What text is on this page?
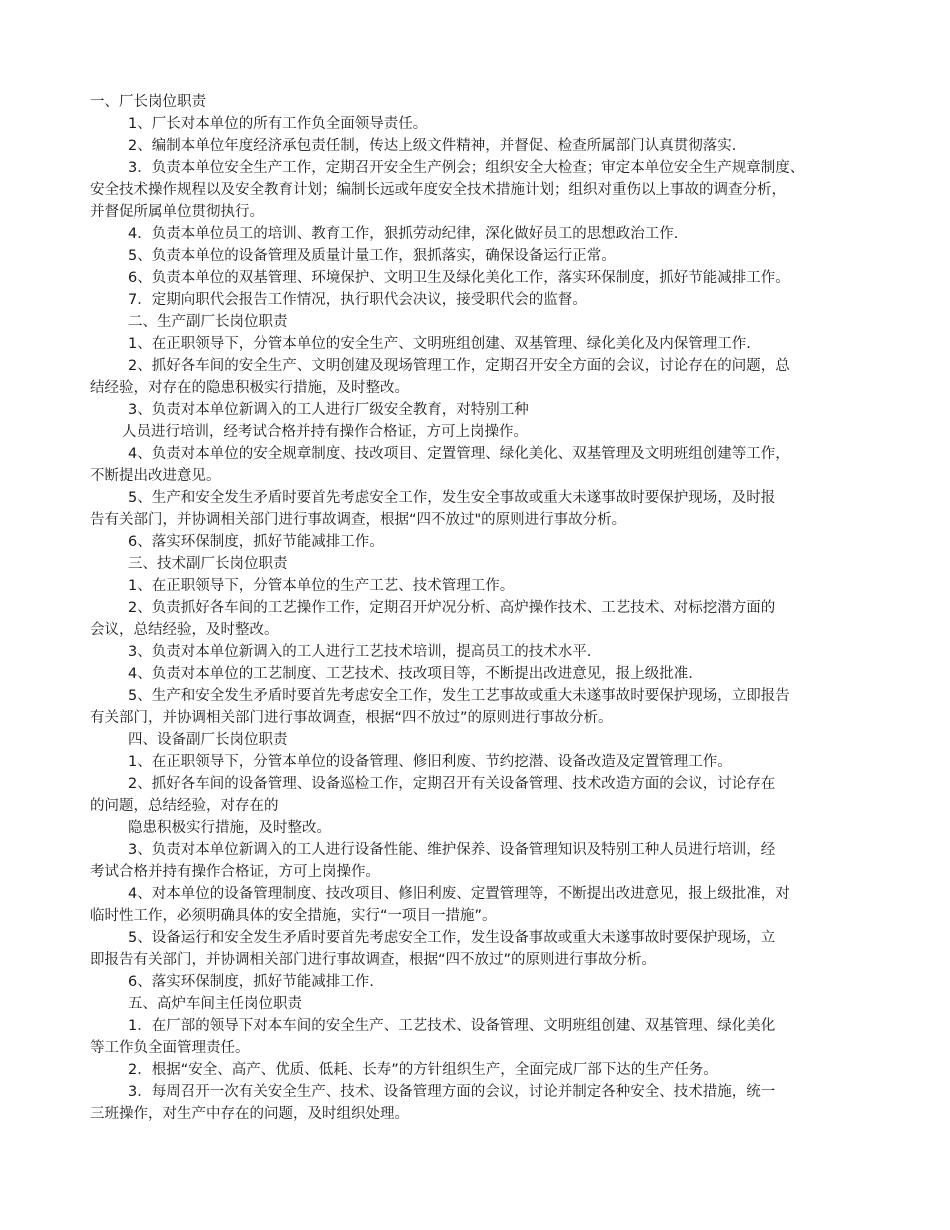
一、厂长岗位职责
1、厂长对本单位的所有工作负全面领导责任。
2、编制本单位年度经济承包责任制，传达上级文件精神，并督促、检查所属部门认真贯彻落实.
3．负责本单位安全生产工作，定期召开安全生产例会；组织安全大检查；审定本单位安全生产规章制度、
安全技术操作规程以及安全教育计划；编制长远或年度安全技术措施计划；组织对重伤以上事故的调查分析，
并督促所属单位贯彻执行。
4．负责本单位员工的培训、教育工作，狠抓劳动纪律，深化做好员工的思想政治工作.
5、负责本单位的设备管理及质量计量工作，狠抓落实，确保设备运行正常。
6、负责本单位的双基管理、环境保护、文明卫生及绿化美化工作，落实环保制度，抓好节能减排工作。
7．定期向职代会报告工作情况，执行职代会决议，接受职代会的监督。
二、生产副厂长岗位职责
1、在正职领导下，分管本单位的安全生产、文明班组创建、双基管理、绿化美化及内保管理工作.
2、抓好各车间的安全生产、文明创建及现场管理工作，定期召开安全方面的会议，讨论存在的问题，总
结经验，对存在的隐患积极实行措施，及时整改。
3、负责对本单位新调入的工人进行厂级安全教育，对特别工种
人员进行培训，经考试合格并持有操作合格证，方可上岗操作。
4、负责对本单位的安全规章制度、技改项目、定置管理、绿化美化、双基管理及文明班组创建等工作，
不断提出改进意见。
5、生产和安全发生矛盾时要首先考虑安全工作，发生安全事故或重大未遂事故时要保护现场，及时报
告有关部门，并协调相关部门进行事故调查，根据“四不放过"的原则进行事故分析。
6、落实环保制度，抓好节能减排工作。
三、技术副厂长岗位职责
1、在正职领导下，分管本单位的生产工艺、技术管理工作。
2、负责抓好各车间的工艺操作工作，定期召开炉况分析、高炉操作技术、工艺技术、对标挖潜方面的
会议，总结经验，及时整改。
3、负责对本单位新调入的工人进行工艺技术培训，提高员工的技术水平.
4、负责对本单位的工艺制度、工艺技术、技改项目等，不断提出改进意见，报上级批准.
5、生产和安全发生矛盾时要首先考虑安全工作，发生工艺事故或重大未遂事故时要保护现场，立即报告
有关部门，并协调相关部门进行事故调查，根据“四不放过”的原则进行事故分析。
四、设备副厂长岗位职责
1、在正职领导下，分管本单位的设备管理、修旧利废、节约挖潜、设备改造及定置管理工作。
2、抓好各车间的设备管理、设备巡检工作，定期召开有关设备管理、技术改造方面的会议，讨论存在
的问题，总结经验，对存在的
隐患积极实行措施，及时整改。
3、负责对本单位新调入的工人进行设备性能、维护保养、设备管理知识及特别工种人员进行培训，经
考试合格并持有操作合格证，方可上岗操作。
4、对本单位的设备管理制度、技改项目、修旧利废、定置管理等，不断提出改进意见，报上级批准，对
临时性工作，必须明确具体的安全措施，实行“一项目一措施”。
5、设备运行和安全发生矛盾时要首先考虑安全工作，发生设备事故或重大未遂事故时要保护现场，立
即报告有关部门，并协调相关部门进行事故调查，根据“四不放过”的原则进行事故分析。
6、落实环保制度，抓好节能减排工作.
五、高炉车间主任岗位职责
1．在厂部的领导下对本车间的安全生产、工艺技术、设备管理、文明班组创建、双基管理、绿化美化
等工作负全面管理责任。
2．根据“安全、高产、优质、低耗、长寿”的方针组织生产，全面完成厂部下达的生产任务。
3．每周召开一次有关安全生产、技术、设备管理方面的会议，讨论并制定各种安全、技术措施，统一
三班操作，对生产中存在的问题，及时组织处理。
